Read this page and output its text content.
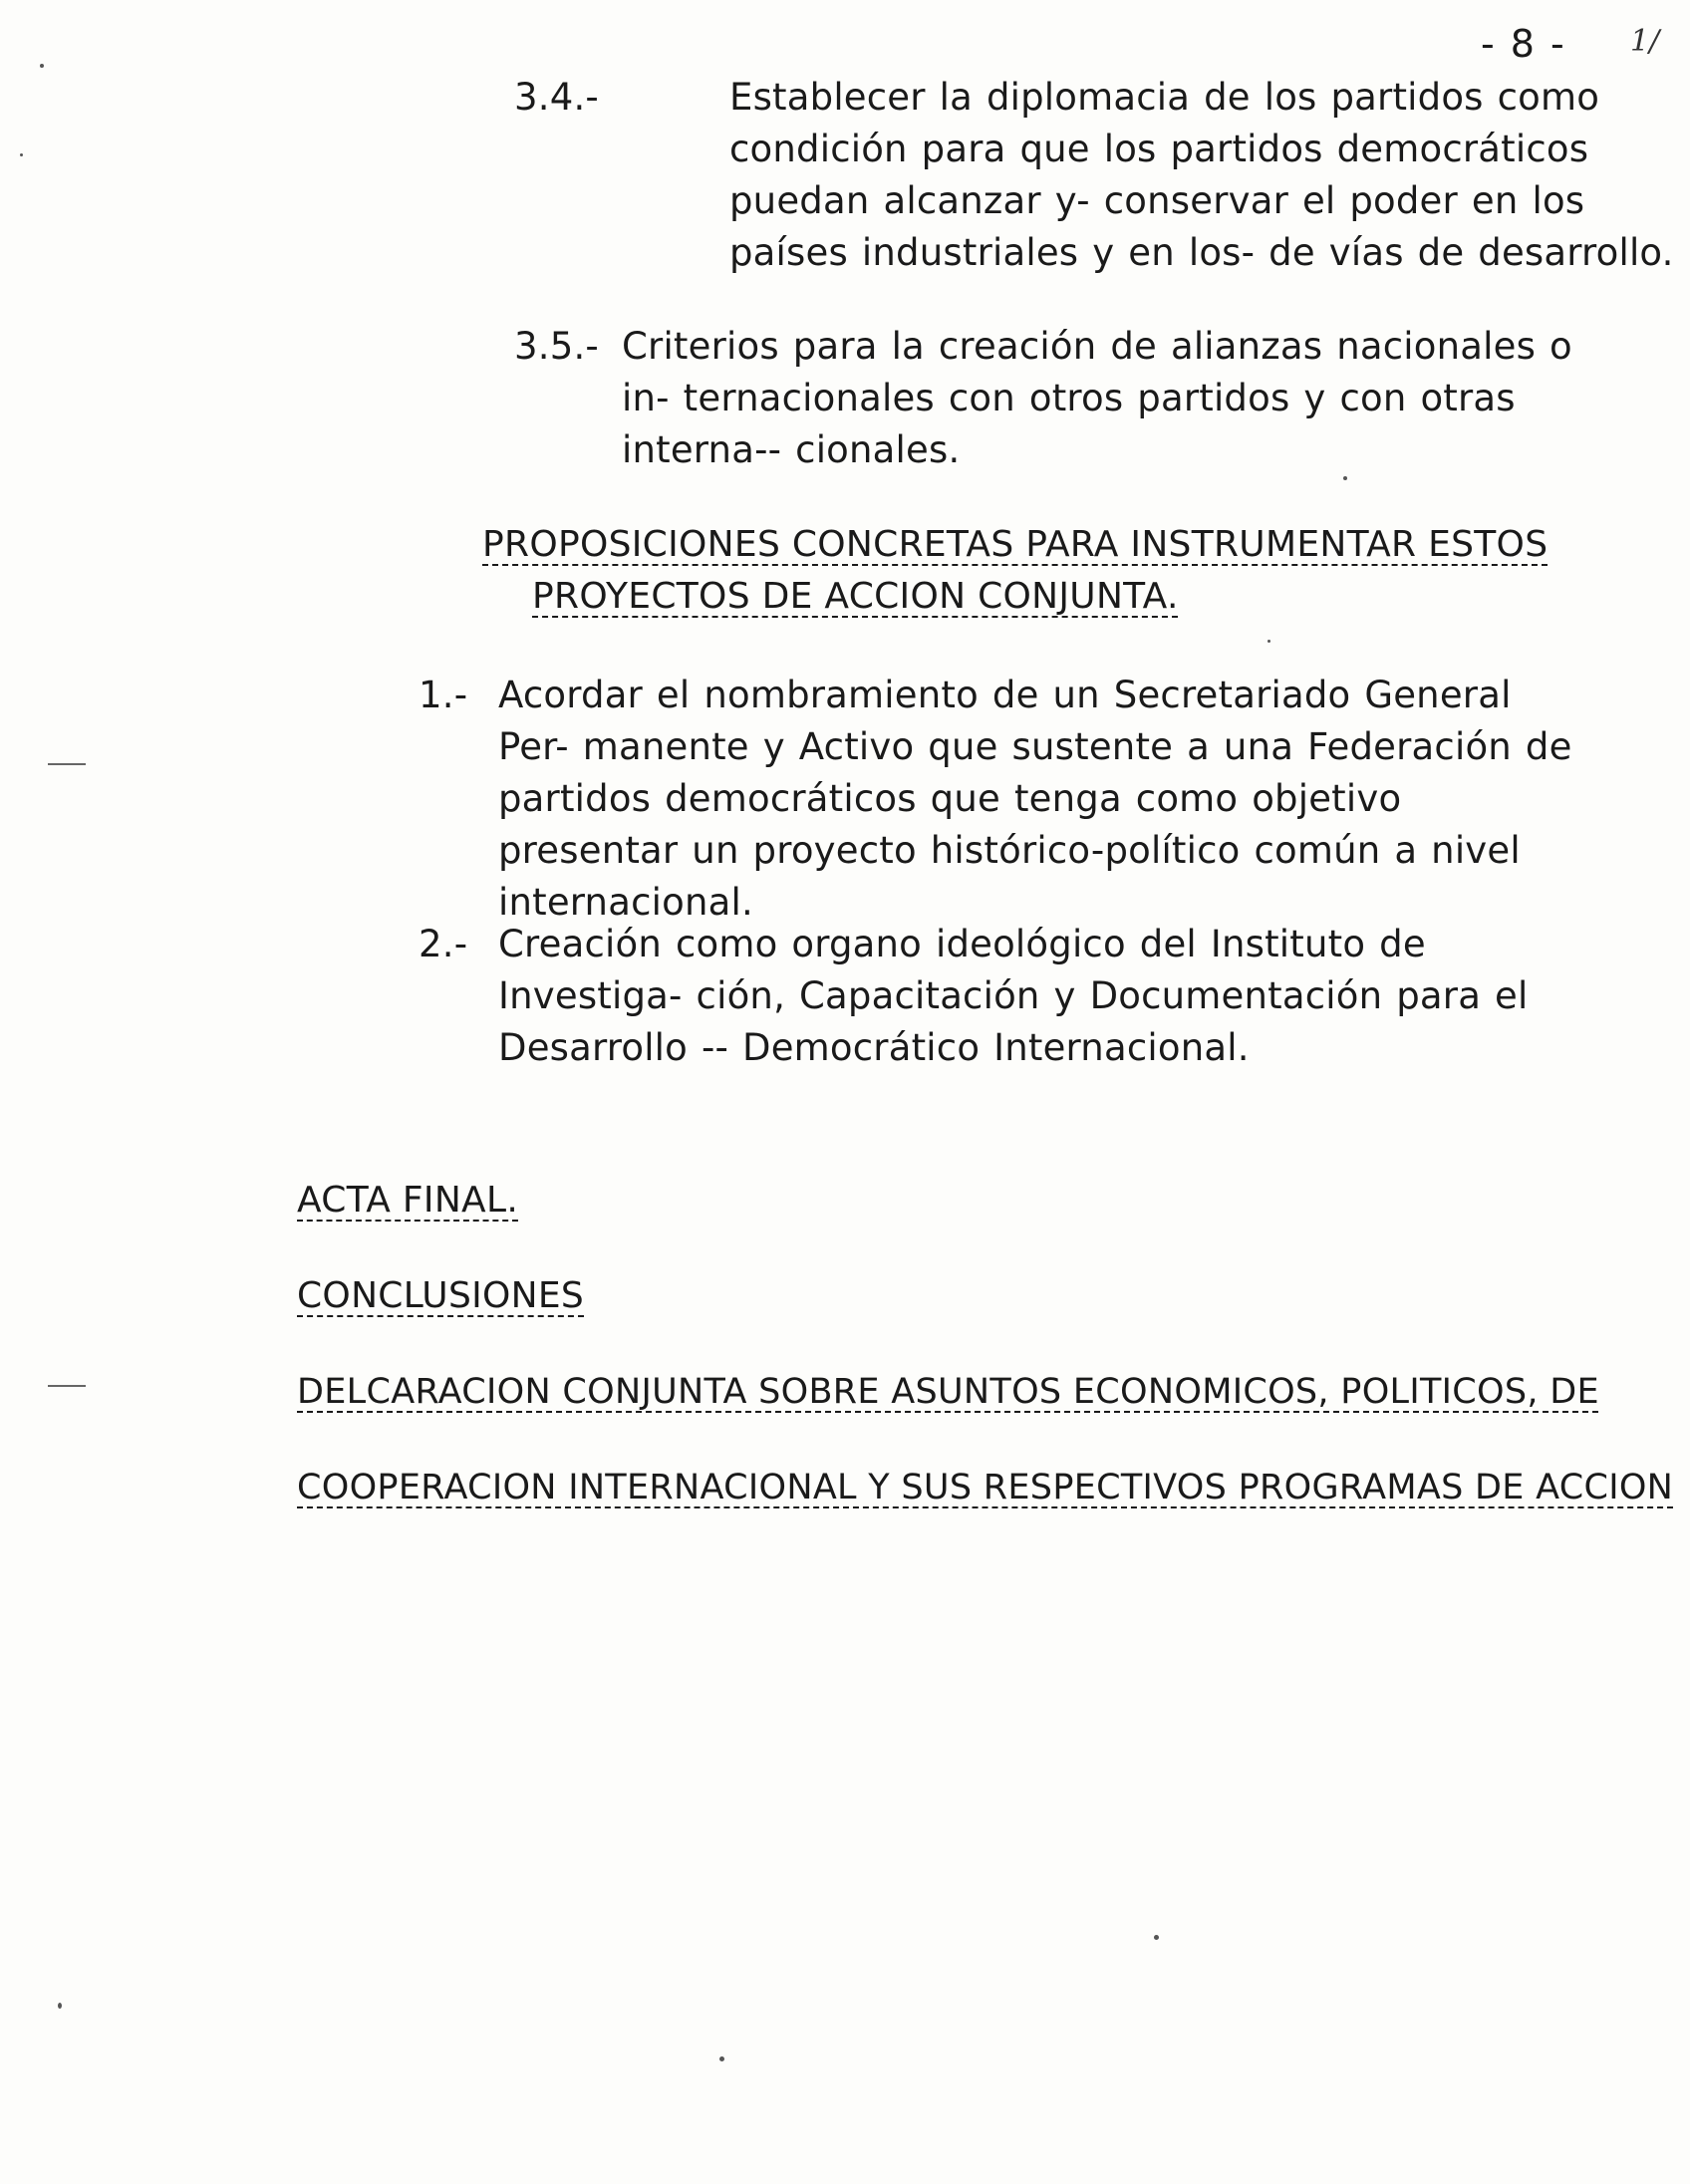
- 8 - 1/
3.4.-	Establecer la diplomacia de los partidos como condición para que los partidos democráticos puedan alcanzar y- conservar el poder en los países industriales y en los- de vías de desarrollo.
3.5.- Criterios para la creación de alianzas nacionales o in- ternacionales con otros partidos y con otras interna-- cionales.
PROPOSICIONES CONCRETAS PARA INSTRUMENTAR ESTOS
PROYECTOS DE ACCION CONJUNTA.
1.- Acordar el nombramiento de un Secretariado General Per- manente y Activo que sustente a una Federación de partidos democráticos que tenga como objetivo presentar un proyecto histórico-político común a nivel internacional.
2.- Creación como organo ideológico del Instituto de Investiga- ción, Capacitación y Documentación para el Desarrollo -- Democrático Internacional.
ACTA FINAL.
CONCLUSIONES
DELCARACION CONJUNTA SOBRE ASUNTOS ECONOMICOS, POLITICOS, DE
COOPERACION INTERNACIONAL Y SUS RESPECTIVOS PROGRAMAS DE ACCION
